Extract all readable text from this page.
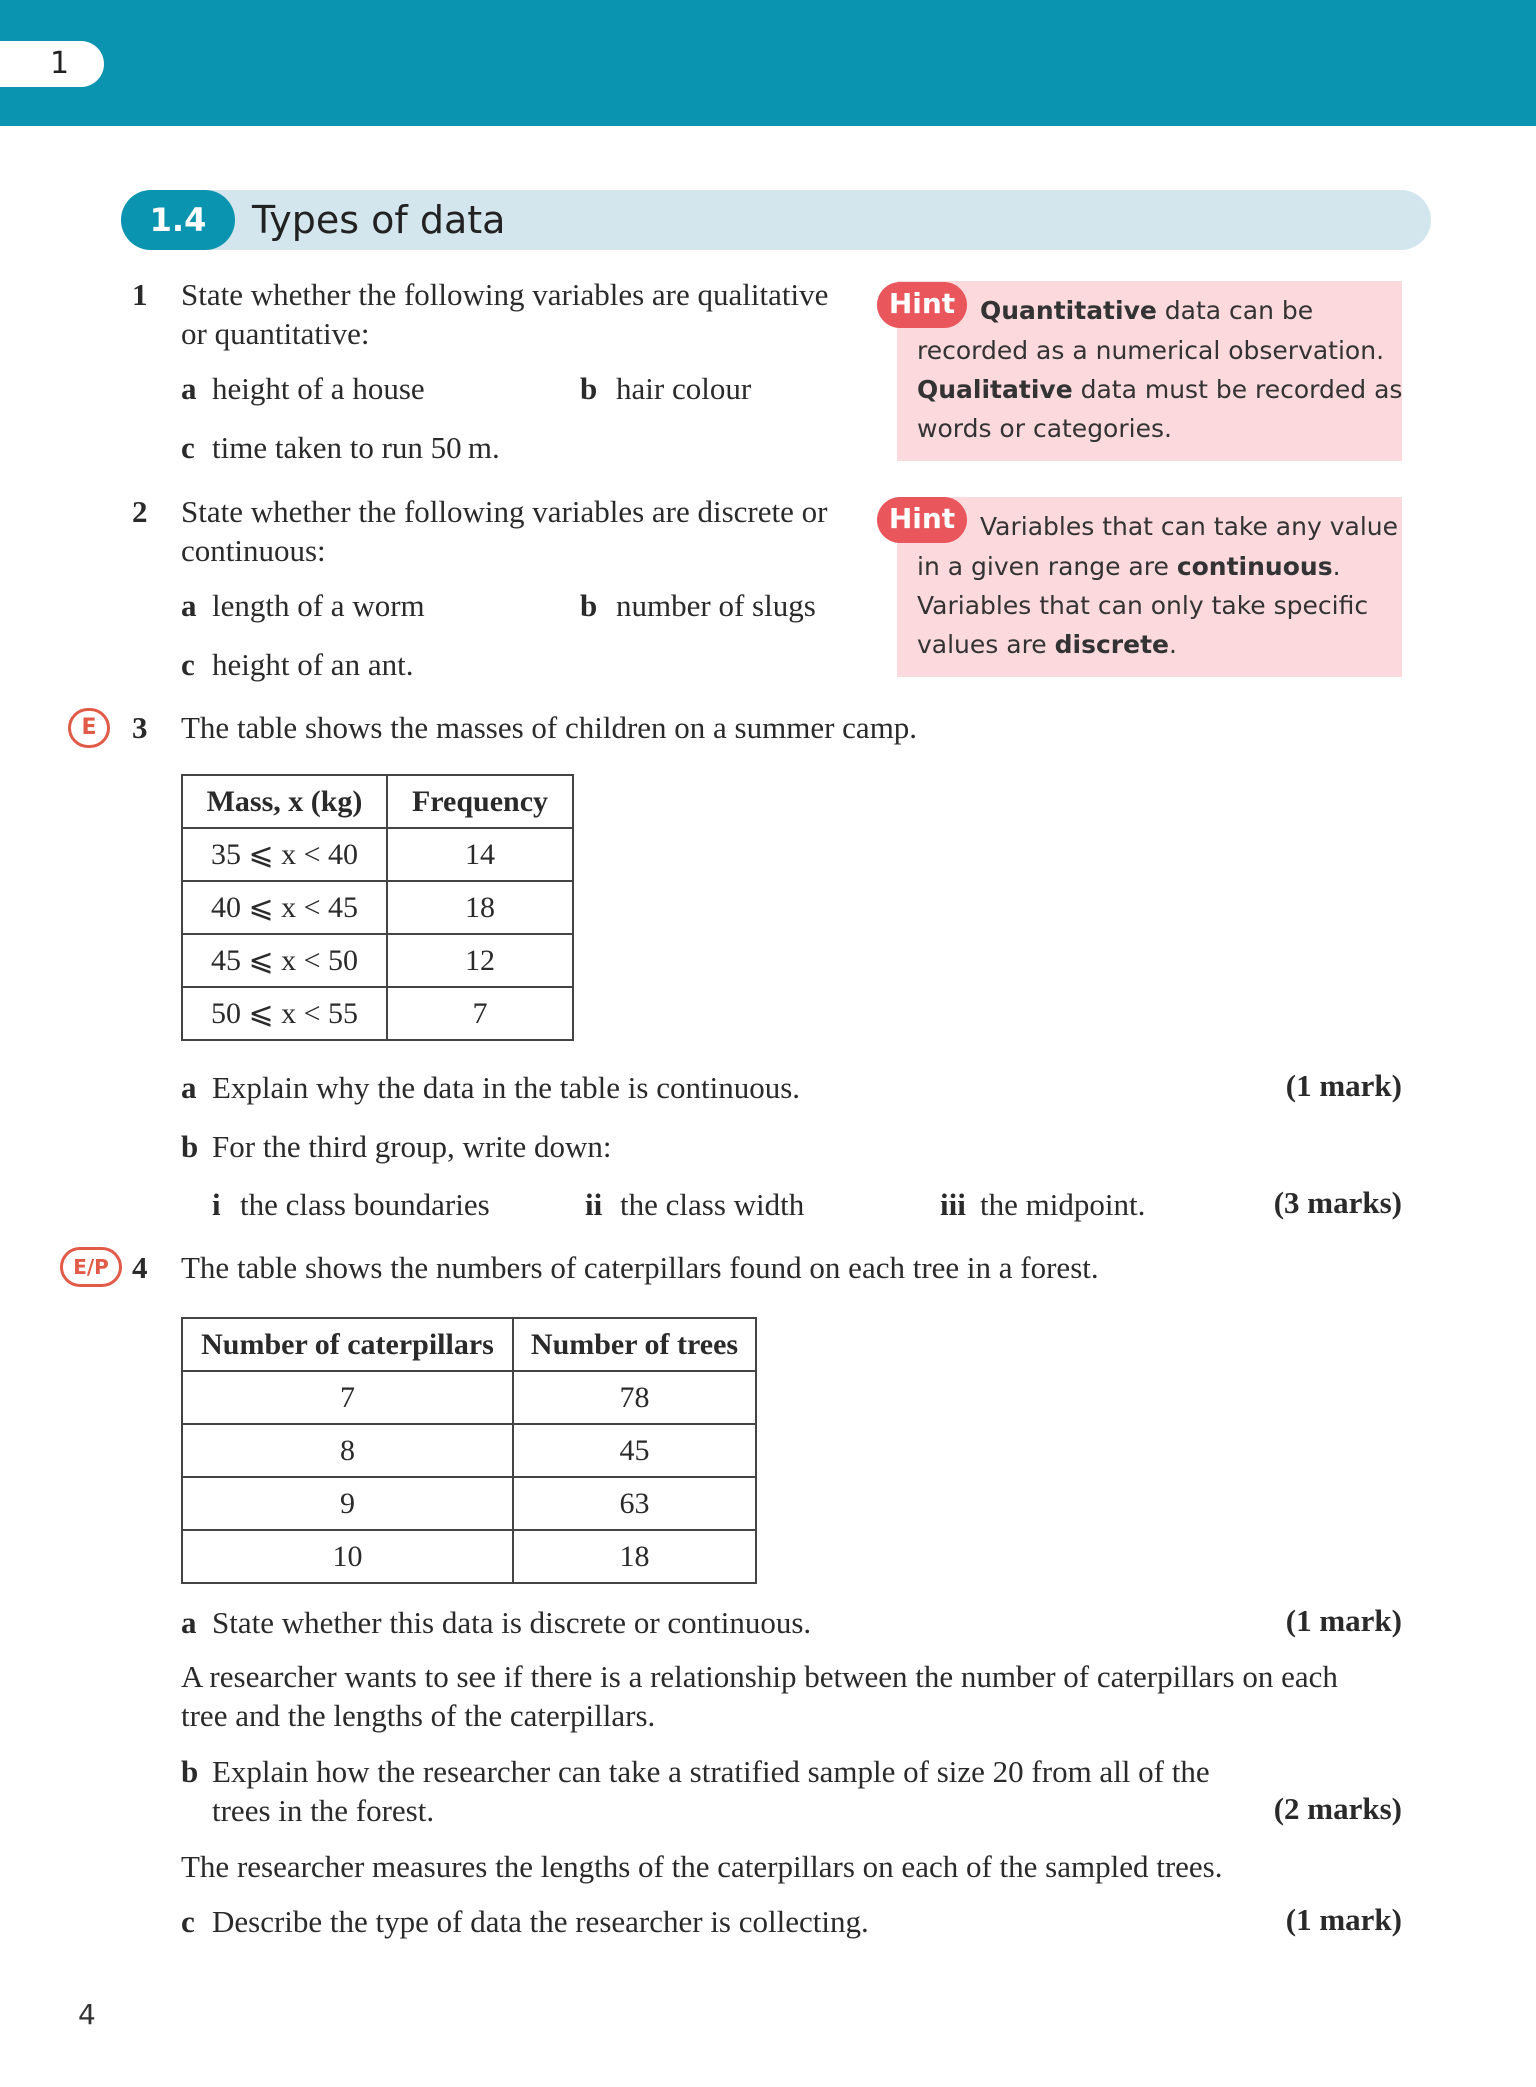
1
1.4	Types of data
1 State whether the following variables are qualitative
or quantitative:
a height of a house	b hair colour
c time taken to run 50 m.
Quantitative data can be
recorded as a numerical observation.
Qualitative data must be recorded as
words or categories.
Hint
2 State whether the following variables are discrete or
continuous:
a length of a worm	b number of slugs
c height of an ant.
Variables that can take any value
in a given range are continuous.
Variables that can only take specific
values are discrete.
Hint
E	3 The table shows the masses of children on a summer camp.
Mass, x (kg)	Frequency
35 ⩽ x < 40	14
40 ⩽ x < 45	18
45 ⩽ x < 50	12
50 ⩽ x < 55	7
a Explain why the data in the table is continuous.	(1 mark)
b For the third group, write down:
i the class boundaries	ii the class width	iii the midpoint.	(3 marks)
E/P 4 The table shows the numbers of caterpillars found on each tree in a forest.
Number of caterpillars	Number of trees
7	78
8	45
9	63
10	18
a State whether this data is discrete or continuous.	(1 mark)
A researcher wants to see if there is a relationship between the number of caterpillars on each
tree and the lengths of the caterpillars.
b Explain how the researcher can take a stratified sample of size 20 from all of the
trees in the forest.	(2 marks)
The researcher measures the lengths of the caterpillars on each of the sampled trees.
c Describe the type of data the researcher is collecting.	(1 mark)
4
